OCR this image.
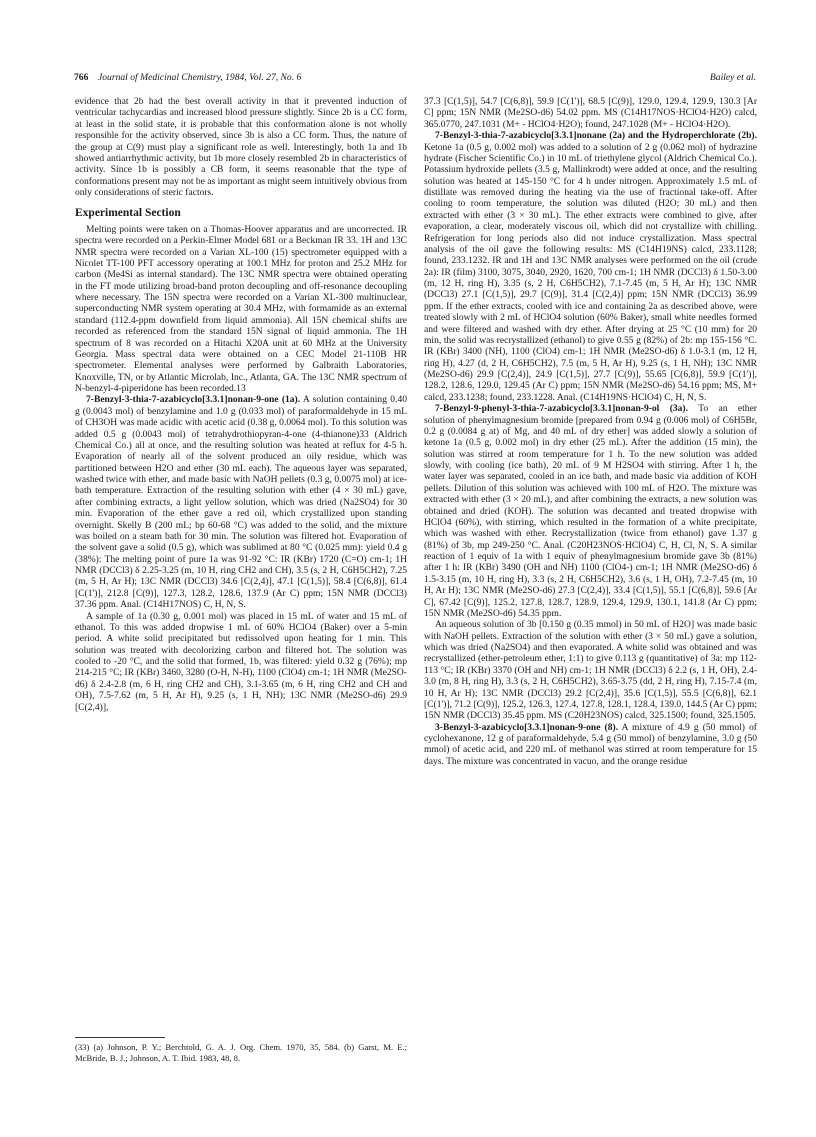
766 Journal of Medicinal Chemistry, 1984, Vol. 27, No. 6	Bailey et al.

evidence that 2b had the best overall activity in that it prevented induction of ventricular tachycardias and increased blood pressure slightly. Since 2b is a CC form, at least in the solid state, it is probable that this conformation alone is not wholly responsible for the activity observed, since 3b is also a CC form. Thus, the nature of the group at C(9) must play a significant role as well. Interestingly, both 1a and 1b showed antiarrhythmic activity, but 1b more closely resembled 2b in characteristics of activity. Since 1b is possibly a CB form, it seems reasonable that the type of conformations present may not be as important as might seem intuitively obvious from only considerations of steric factors.

Experimental Section

Melting points were taken on a Thomas-Hoover apparatus and are uncorrected. IR spectra were recorded on a Perkin-Elmer Model 681 or a Beckman IR 33. 1H and 13C NMR spectra were recorded on a Varian XL-100 (15) spectrometer equipped with a Nicolet TT-100 PFT accessory operating at 100.1 MHz for proton and 25.2 MHz for carbon (Me4Si as internal standard). The 13C NMR spectra were obtained operating in the FT mode utilizing broad-band proton decoupling and off-resonance decoupling where necessary. The 15N spectra were recorded on a Varian XL-300 multinuclear, superconducting NMR system operating at 30.4 MHz, with formamide as an external standard (112.4-ppm downfield from liquid ammonia). All 15N chemical shifts are recorded as referenced from the standard 15N signal of liquid ammonia. The 1H spectrum of 8 was recorded on a Hitachi X20A unit at 60 MHz at the University Georgia. Mass spectral data were obtained on a CEC Model 21-110B HR spectrometer. Elemental analyses were performed by Galbraith Laboratories, Knoxville, TN, or by Atlantic Microlab, Inc., Atlanta, GA. The 13C NMR spectrum of N-benzyl-4-piperidone has been recorded.13

7-Benzyl-3-thia-7-azabicyclo[3.3.1]nonan-9-one (1a). A solution containing 0.40 g (0.0043 mol) of benzylamine and 1.0 g (0.033 mol) of paraformaldehyde in 15 mL of CH3OH was made acidic with acetic acid (0.38 g, 0.0064 mol). To this solution was added 0.5 g (0.0043 mol) of tetrahydrothiopyran-4-one (4-thianone)33 (Aldrich Chemical Co.) all at once, and the resulting solution was heated at reflux for 4-5 h. Evaporation of nearly all of the solvent produced an oily residue, which was partitioned between H2O and ether (30 mL each). The aqueous layer was separated, washed twice with ether, and made basic with NaOH pellets (0.3 g, 0.0075 mol) at ice-bath temperature. Extraction of the resulting solution with ether (4 × 30 mL) gave, after combining extracts, a light yellow solution, which was dried (Na2SO4) for 30 min. Evaporation of the ether gave a red oil, which crystallized upon standing overnight. Skelly B (200 mL; bp 60-68 °C) was added to the solid, and the mixture was boiled on a steam bath for 30 min. The solution was filtered hot. Evaporation of the solvent gave a solid (0.5 g), which was sublimed at 80 °C (0.025 mm): yield 0.4 g (38%): The melting point of pure 1a was 91-92 °C: IR (KBr) 1720 (C=O) cm-1; 1H NMR (DCCl3) δ 2.25-3.25 (m, 10 H, ring CH2 and CH), 3.5 (s, 2 H, C6H5CH2), 7.25 (m, 5 H, Ar H); 13C NMR (DCCl3) 34.6 [C(2,4)], 47.1 [C(1,5)], 58.4 [C(6,8)], 61.4 [C(1')], 212.8 [C(9)], 127.3, 128.2, 128.6, 137.9 (Ar C) ppm; 15N NMR (DCCl3) 37.36 ppm. Anal. (C14H17NOS) C, H, N, S.

A sample of 1a (0.30 g, 0.001 mol) was placed in 15 mL of water and 15 mL of ethanol. To this was added dropwise 1 mL of 60% HClO4 (Baker) over a 5-min period. A white solid precipitated but redissolved upon heating for 1 min. This solution was treated with decolorizing carbon and filtered hot. The solution was cooled to -20 °C, and the solid that formed, 1b, was filtered: yield 0.32 g (76%); mp 214-215 °C; IR (KBr) 3460, 3280 (O-H, N-H), 1100 (ClO4) cm-1; 1H NMR (Me2SO-d6) δ 2.4-2.8 (m, 6 H, ring CH2 and CH), 3.1-3.65 (m, 6 H, ring CH2 and CH and OH), 7.5-7.62 (m, 5 H, Ar H), 9.25 (s, 1 H, NH); 13C NMR (Me2SO-d6) 29.9 [C(2,4)],

(33) (a) Johnson, P. Y.; Berchtold, G. A. J. Org. Chem. 1970, 35, 584. (b) Garst, M. E.; McBride, B. J.; Johnson, A. T. Ibid. 1983, 48, 8.

37.3 [C(1,5)], 54.7 [C(6,8)], 59.9 [C(1')], 68.5 [C(9)], 129.0, 129.4, 129.9, 130.3 [Ar C] ppm; 15N NMR (Me2SO-d6) 54.02 ppm. MS (C14H17NOS·HClO4·H2O) calcd, 365.0770, 247.1031 (M+ - HClO4·H2O); found, 247.1028 (M+ - HClO4·H2O).

7-Benzyl-3-thia-7-azabicyclo[3.3.1]nonane (2a) and the Hydroperchlorate (2b). Ketone 1a (0.5 g, 0.002 mol) was added to a solution of 2 g (0.062 mol) of hydrazine hydrate (Fischer Scientific Co.) in 10 mL of triethylene glycol (Aldrich Chemical Co.). Potassium hydroxide pellets (3.5 g, Mallinkrodt) were added at once, and the resulting solution was heated at 145-150 °C for 4 h under nitrogen. Approximately 1.5 mL of distillate was removed during the heating via the use of fractional take-off. After cooling to room temperature, the solution was diluted (H2O; 30 mL) and then extracted with ether (3 × 30 mL). The ether extracts were combined to give, after evaporation, a clear, moderately viscous oil, which did not crystallize with chilling. Refrigeration for long periods also did not induce crystallization. Mass spectral analysis of the oil gave the following results: MS (C14H19NS) calcd, 233.1128; found, 233.1232. IR and 1H and 13C NMR analyses were performed on the oil (crude 2a): IR (film) 3100, 3075, 3040, 2920, 1620, 700 cm-1; 1H NMR (DCCl3) δ 1.50-3.00 (m, 12 H, ring H), 3.35 (s, 2 H, C6H5CH2), 7.1-7.45 (m, 5 H, Ar H); 13C NMR (DCCl3) 27.1 [C(1,5)], 29.7 [C(9)], 31.4 [C(2,4)] ppm; 15N NMR (DCCl3) 36.99 ppm. If the ether extracts, cooled with ice and containing 2a as described above, were treated slowly with 2 mL of HClO4 solution (60% Baker), small white needles formed and were filtered and washed with dry ether. After drying at 25 °C (10 mm) for 20 min, the solid was recrystallized (ethanol) to give 0.55 g (82%) of 2b: mp 155-156 °C. IR (KBr) 3400 (NH), 1100 (ClO4) cm-1; 1H NMR (Me2SO-d6) δ 1.0-3.1 (m, 12 H, ring H), 4.27 (d, 2 H, C6H5CH2), 7.5 (m, 5 H, Ar H), 9.25 (s, 1 H, NH); 13C NMR (Me2SO-d6) 29.9 [C(2,4)], 24.9 [C(1,5)], 27.7 [C(9)], 55.65 [C(6,8)], 59.9 [C(1')], 128.2, 128.6, 129.0, 129.45 (Ar C) ppm; 15N NMR (Me2SO-d6) 54.16 ppm; MS, M+ calcd, 233.1238; found, 233.1228. Anal. (C14H19NS·HClO4) C, H, N, S.

7-Benzyl-9-phenyl-3-thia-7-azabicyclo[3.3.1]nonan-9-ol (3a). To an ether solution of phenylmagnesium bromide [prepared from 0.94 g (0.006 mol) of C6H5Br, 0.2 g (0.0084 g at) of Mg, and 40 mL of dry ether] was added slowly a solution of ketone 1a (0.5 g, 0.002 mol) in dry ether (25 mL). After the addition (15 min), the solution was stirred at room temperature for 1 h. To the new solution was added slowly, with cooling (ice bath), 20 mL of 9 M H2SO4 with stirring. After 1 h, the water layer was separated, cooled in an ice bath, and made basic via addition of KOH pellets. Dilution of this solution was achieved with 100 mL of H2O. The mixture was extracted with ether (3 × 20 mL), and after combining the extracts, a new solution was obtained and dried (KOH). The solution was decanted and treated dropwise with HClO4 (60%), with stirring, which resulted in the formation of a white precipitate, which was washed with ether. Recrystallization (twice from ethanol) gave 1.37 g (81%) of 3b, mp 249-250 °C. Anal. (C20H23NOS·HClO4) C, H, Cl, N, S. A similar reaction of 1 equiv of 1a with 1 equiv of phenylmagnesium bromide gave 3b (81%) after 1 h: IR (KBr) 3490 (OH and NH) 1100 (ClO4-) cm-1; 1H NMR (Me2SO-d6) δ 1.5-3.15 (m, 10 H, ring H), 3.3 (s, 2 H, C6H5CH2), 3.6 (s, 1 H, OH), 7.2-7.45 (m, 10 H, Ar H); 13C NMR (Me2SO-d6) 27.3 [C(2,4)], 33.4 [C(1,5)], 55.1 [C(6,8)], 59.6 [Ar C], 67.42 [C(9)], 125.2, 127.8, 128.7, 128.9, 129.4, 129.9, 130.1, 141.8 (Ar C) ppm; 15N NMR (Me2SO-d6) 54.35 ppm.

An aqueous solution of 3b [0.150 g (0.35 mmol) in 50 mL of H2O] was made basic with NaOH pellets. Extraction of the solution with ether (3 × 50 mL) gave a solution, which was dried (Na2SO4) and then evaporated. A white solid was obtained and was recrystallized (ether-petroleum ether, 1:1) to give 0.113 g (quantitative) of 3a: mp 112-113 °C; IR (KBr) 3370 (OH and NH) cm-1; 1H NMR (DCCl3) δ 2.2 (s, 1 H, OH), 2.4-3.0 (m, 8 H, ring H), 3.3 (s, 2 H, C6H5CH2), 3.65-3.75 (dd, 2 H, ring H), 7.15-7.4 (m, 10 H, Ar H); 13C NMR (DCCl3) 29.2 [C(2,4)], 35.6 [C(1,5)], 55.5 [C(6,8)], 62.1 [C(1')], 71.2 [C(9)], 125.2, 126.3, 127.4, 127.8, 128.1, 128.4, 139.0, 144.5 (Ar C) ppm; 15N NMR (DCCl3) 35.45 ppm. MS (C20H23NOS) calcd, 325.1500; found, 325.1505.

3-Benzyl-3-azabicyclo[3.3.1]nonan-9-one (8). A mixture of 4.9 g (50 mmol) of cyclohexanone, 12 g of paraformaldehyde, 5.4 g (50 mmol) of benzylamine, 3.0 g (50 mmol) of acetic acid, and 220 mL of methanol was stirred at room temperature for 15 days. The mixture was concentrated in vacuo, and the orange residue
